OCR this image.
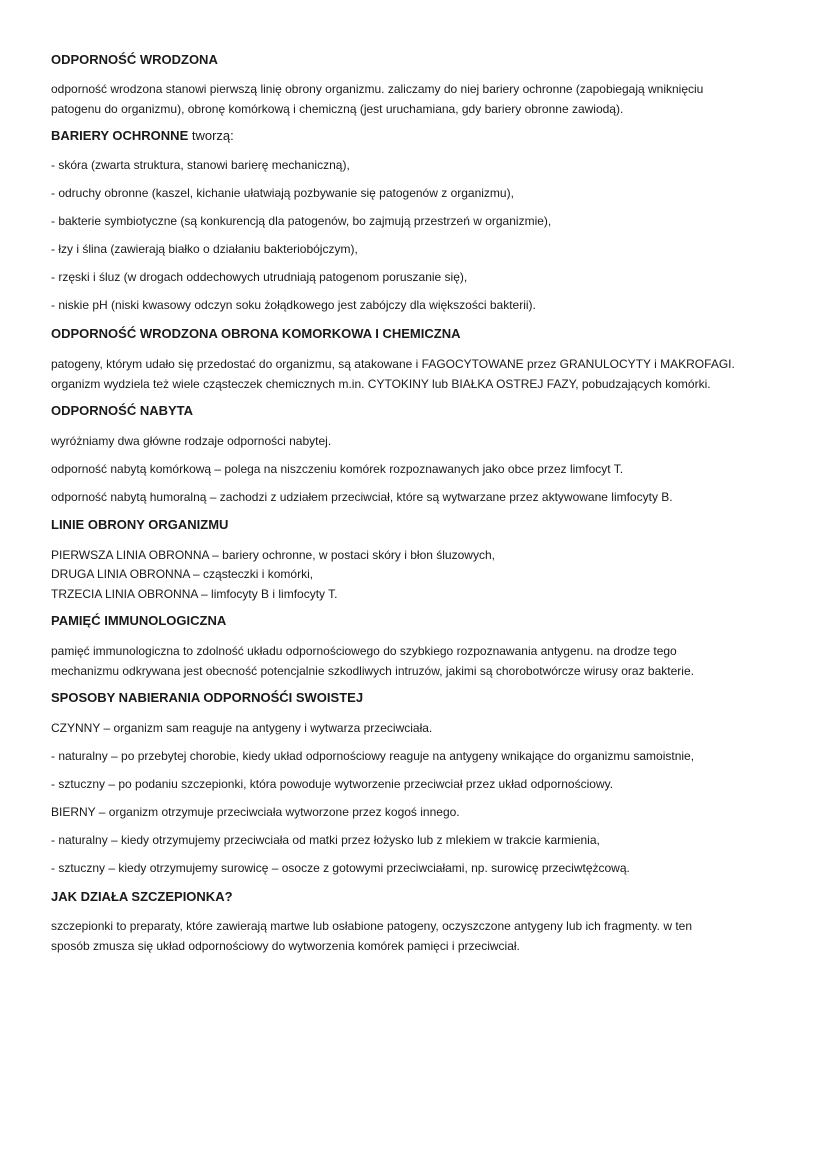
ODPORNOŚĆ WRODZONA

odporność wrodzona stanowi pierwszą linię obrony organizmu. zaliczamy do niej bariery ochronne (zapobiegają wniknięciu

patogenu do organizmu), obronę komórkową i chemiczną (jest uruchamiana, gdy bariery obronne zawiodą).

BARIERY OCHRONNE tworzą:

- skóra (zwarta struktura, stanowi barierę mechaniczną),

- odruchy obronne (kaszel, kichanie ułatwiają pozbywanie się patogenów z organizmu),

- bakterie symbiotyczne (są konkurencją dla patogenów, bo zajmują przestrzeń w organizmie),

- łzy i ślina (zawierają białko o działaniu bakteriobójczym),

- rzęski i śluz (w drogach oddechowych utrudniają patogenom poruszanie się),

- niskie pH (niski kwasowy odczyn soku żołądkowego jest zabójczy dla większości bakterii).

ODPORNOŚĆ WRODZONA OBRONA KOMORKOWA I CHEMICZNA

patogeny, którym udało się przedostać do organizmu, są atakowane i FAGOCYTOWANE przez GRANULOCYTY i MAKROFAGI.

organizm wydziela też wiele cząsteczek chemicznych m.in. CYTOKINY lub BIAŁKA OSTREJ FAZY, pobudzających komórki.

ODPORNOŚĆ NABYTA

wyróżniamy dwa główne rodzaje odporności nabytej.

odporność nabytą komórkową – polega na niszczeniu komórek rozpoznawanych jako obce przez limfocyt T.

odporność nabytą humoralną – zachodzi z udziałem przeciwciał, które są wytwarzane przez aktywowane limfocyty B.

LINIE OBRONY ORGANIZMU

PIERWSZA LINIA OBRONNA – bariery ochronne, w postaci skóry i błon śluzowych,

DRUGA LINIA OBRONNA – cząsteczki i komórki,

TRZECIA LINIA OBRONNA – limfocyty B i limfocyty T.

PAMIĘĆ IMMUNOLOGICZNA

pamięć immunologiczna to zdolność układu odpornościowego do szybkiego rozpoznawania antygenu. na drodze tego

mechanizmu odkrywana jest obecność potencjalnie szkodliwych intruzów, jakimi są chorobotwórcze wirusy oraz bakterie.

SPOSOBY NABIERANIA ODPORNOŚĆI SWOISTEJ

CZYNNY – organizm sam reaguje na antygeny i wytwarza przeciwciała.

- naturalny – po przebytej chorobie, kiedy układ odpornościowy reaguje na antygeny wnikające do organizmu samoistnie,

- sztuczny – po podaniu szczepionki, która powoduje wytworzenie przeciwciał przez układ odpornościowy.

BIERNY – organizm otrzymuje przeciwciała wytworzone przez kogoś innego.

- naturalny – kiedy otrzymujemy przeciwciała od matki przez łożysko lub z mlekiem w trakcie karmienia,

- sztuczny – kiedy otrzymujemy surowicę – osocze z gotowymi przeciwciałami, np. surowicę przeciwtężcową.

JAK DZIAŁA SZCZEPIONKA?

szczepionki to preparaty, które zawierają martwe lub osłabione patogeny, oczyszczone antygeny lub ich fragmenty. w ten

sposób zmusza się układ odpornościowy do wytworzenia komórek pamięci i przeciwciał.
